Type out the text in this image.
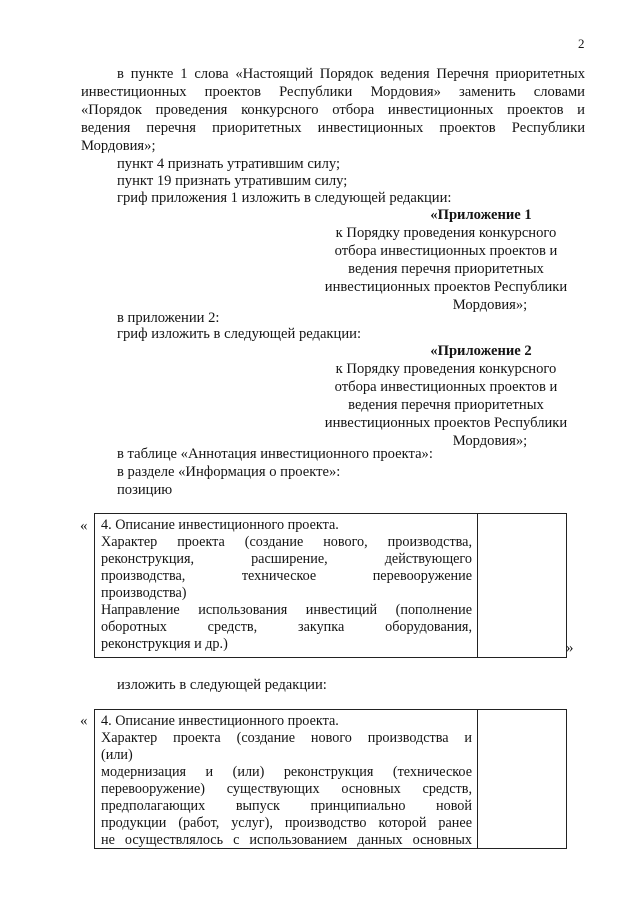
2
в пункте 1 слова «Настоящий Порядок ведения Перечня приоритетных
инвестиционных проектов Республики Мордовия» заменить словами
«Порядок проведения конкурсного отбора инвестиционных проектов и
ведения перечня приоритетных инвестиционных проектов Республики
Мордовия»;
пункт 4 признать утратившим силу;
пункт 19 признать утратившим силу;
гриф приложения 1 изложить в следующей редакции:
«Приложение 1
к Порядку проведения конкурсного
отбора инвестиционных проектов и
ведения перечня приоритетных
инвестиционных проектов Республики
Мордовия»;
в приложении 2:
гриф изложить в следующей редакции:
«Приложение 2
к Порядку проведения конкурсного
отбора инвестиционных проектов и
ведения перечня приоритетных
инвестиционных проектов Республики
Мордовия»;
в таблице «Аннотация инвестиционного проекта»:
в разделе «Информация о проекте»:
позицию
« 4. Описание инвестиционного проекта.
Характер проекта (создание нового, производства,
реконструкция, расширение, действующего
производства, техническое перевооружение
производства)
Направление использования инвестиций (пополнение
оборотных средств, закупка оборудования,
реконструкция и др.)	»
изложить в следующей редакции:
« 4. Описание инвестиционного проекта.
Характер проекта (создание нового производства и
(или)
модернизация и (или) реконструкция (техническое
перевооружение) существующих основных средств,
предполагающих выпуск принципиально новой
продукции (работ, услуг), производство которой ранее
не осуществлялось с использованием данных основных
